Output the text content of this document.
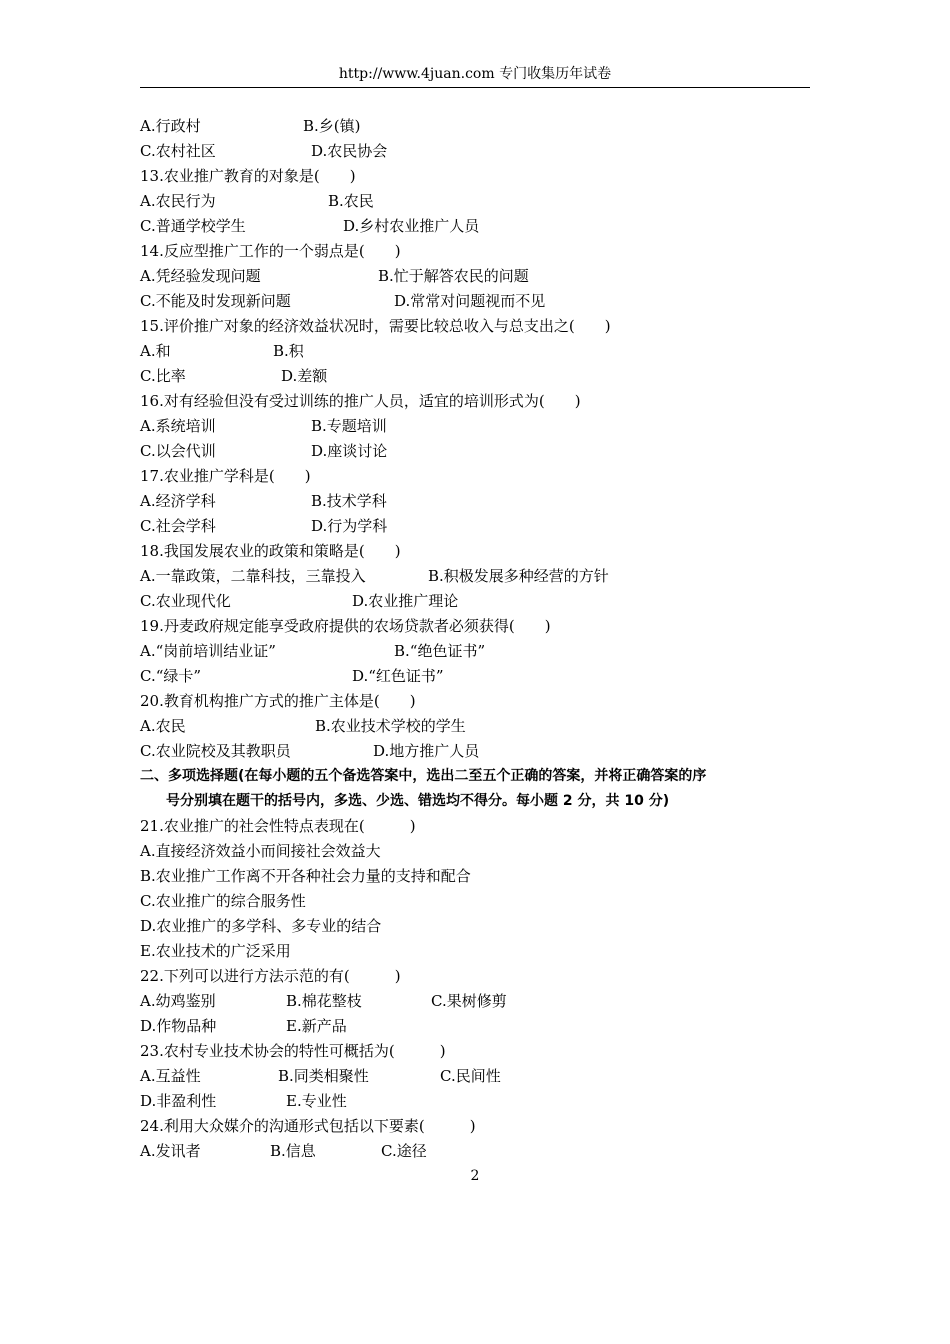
http://www.4juan.com 专门收集历年试卷
A.行政村	B.乡(镇)
C.农村社区	D.农民协会
13.农业推广教育的对象是(　　)
A.农民行为	B.农民
C.普通学校学生	D.乡村农业推广人员
14.反应型推广工作的一个弱点是(　　)
A.凭经验发现问题	B.忙于解答农民的问题
C.不能及时发现新问题	D.常常对问题视而不见
15.评价推广对象的经济效益状况时，需要比较总收入与总支出之(　　)
A.和	B.积
C.比率	D.差额
16.对有经验但没有受过训练的推广人员，适宜的培训形式为(　　)
A.系统培训	B.专题培训
C.以会代训	D.座谈讨论
17.农业推广学科是(　　)
A.经济学科	B.技术学科
C.社会学科	D.行为学科
18.我国发展农业的政策和策略是(　　)
A.一靠政策，二靠科技，三靠投入	B.积极发展多种经营的方针
C.农业现代化	D.农业推广理论
19.丹麦政府规定能享受政府提供的农场贷款者必须获得(　　)
A.“岗前培训结业证”	B.“绝色证书”
C.“绿卡”	D.“红色证书”
20.教育机构推广方式的推广主体是(　　)
A.农民	B.农业技术学校的学生
C.农业院校及其教职员	D.地方推广人员
二、多项选择题(在每小题的五个备选答案中，选出二至五个正确的答案，并将正确答案的序
号分别填在题干的括号内，多选、少选、错选均不得分。每小题 2 分，共 10 分)
21.农业推广的社会性特点表现在(　　　)
A.直接经济效益小而间接社会效益大
B.农业推广工作离不开各种社会力量的支持和配合
C.农业推广的综合服务性
D.农业推广的多学科、多专业的结合
E.农业技术的广泛采用
22.下列可以进行方法示范的有(　　　)
A.幼鸡鉴别	B.棉花整枝	C.果树修剪
D.作物品种	E.新产品
23.农村专业技术协会的特性可概括为(　　　)
A.互益性	B.同类相聚性	C.民间性
D.非盈利性	E.专业性
24.利用大众媒介的沟通形式包括以下要素(　　　)
A.发讯者	B.信息	C.途径
2
